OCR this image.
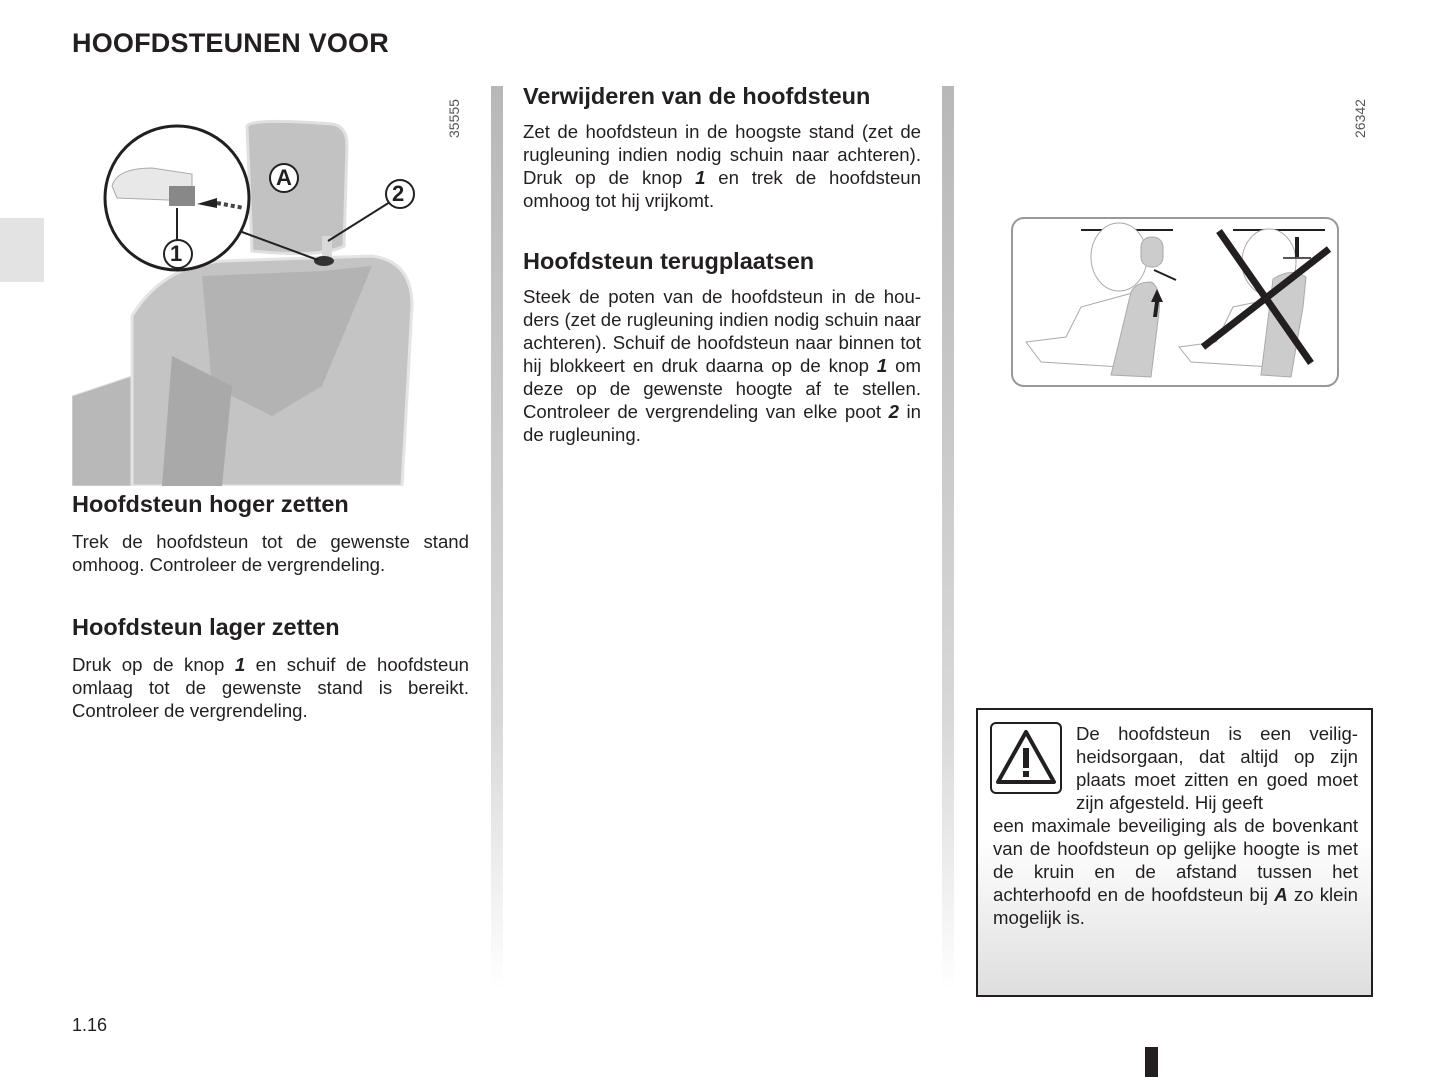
HOOFDSTEUNEN VOOR
1
A
2
35555
Hoofdsteun hoger zetten

Trek de hoofdsteun tot de gewenste stand omhoog. Controleer de vergrendeling.

Hoofdsteun lager zetten

Druk op de knop 1 en schuif de hoofdsteun omlaag tot de gewenste stand is bereikt. Controleer de vergrendeling.

Verwijderen van de hoofdsteun

Zet de hoofdsteun in de hoogste stand (zet de rugleuning indien nodig schuin naar achteren). Druk op de knop 1 en trek de hoofdsteun omhoog tot hij vrijkomt.

Hoofdsteun terugplaatsen

Steek de poten van de hoofdsteun in de houders (zet de rugleuning indien nodig schuin naar achteren). Schuif de hoofdsteun naar binnen tot hij blokkeert en druk daarna op de knop 1 om deze op de gewenste hoogte af te stellen. Controleer de vergrendeling van elke poot 2 in de rugleuning.

26342

De hoofdsteun is een veiligheidsorgaan, dat altijd op zijn plaats moet zitten en goed moet zijn afgesteld. Hij geeft

een maximale beveiliging als de bovenkant van de hoofdsteun op gelijke hoogte is met de kruin en de afstand tussen het achterhoofd en de hoofdsteun bij A zo klein mogelijk is.

1.16
